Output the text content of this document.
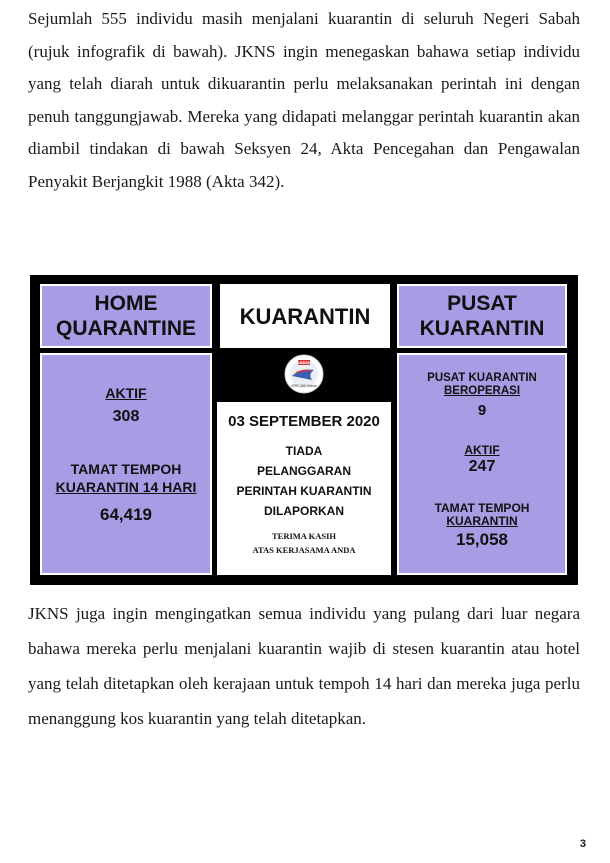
Sejumlah 555 individu masih menjalani kuarantin di seluruh Negeri Sabah (rujuk infografik di bawah). JKNS ingin menegaskan bahawa setiap individu yang telah diarah untuk dikuarantin perlu melaksanakan perintah ini dengan penuh tanggungjawab. Mereka yang didapati melanggar perintah kuarantin akan diambil tindakan di bawah Seksyen 24, Akta Pencegahan dan Pengawalan Penyakit Berjangkit 1988 (Akta 342).

HOME
QUARANTINE KUARANTIN	PUSAT
KUARANTIN
AKTIF
308
TAMAT TEMPOH
KUARANTIN 14 HARI
64,419
SABAH
CPRC JKN Sabah
03 SEPTEMBER 2020
TIADA
PELANGGARAN
PERINTAH KUARANTIN
DILAPORKAN
TERIMA KASIH
ATAS KERJASAMA ANDA
PUSAT KUARANTIN
BEROPERASI
9
AKTIF
247
TAMAT TEMPOH
KUARANTIN
15,058

JKNS juga ingin mengingatkan semua individu yang pulang dari luar negara bahawa mereka perlu menjalani kuarantin wajib di stesen kuarantin atau hotel yang telah ditetapkan oleh kerajaan untuk tempoh 14 hari dan mereka juga perlu menanggung kos kuarantin yang telah ditetapkan.

3
